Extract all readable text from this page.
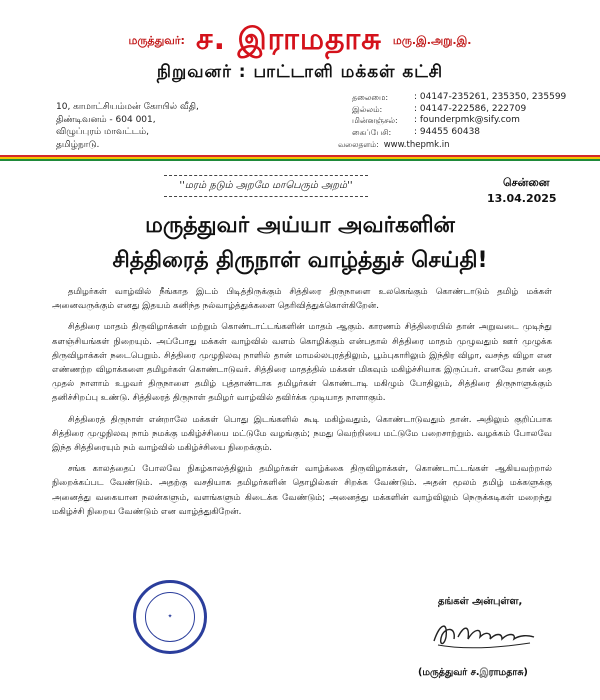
மருத்துவர்: ச. இராமதாசு மரு.இ.அறு.இ.
நிறுவனர் : பாட்டாளி மக்கள் கட்சி
10, காமாட்சியம்மன் கோயில் வீதி,
திண்டிவனம் - 604 001,
விழுப்புரம் மாவட்டம்,
தமிழ்நாடு.
தலைமை:	: 04147-235261, 235350, 235599
இல்லம்:	: 04147-222586, 222709
மின்னஞ்சல்:	: founderpmk@sify.com
கைப்பேசி:	: 94455 60438
வலைதளம்: www.thepmk.in
''மரம் நடும் அறமே மாபெரும் அறம்''	சென்னை
13.04.2025
மருத்துவர் அய்யா அவர்களின்
சித்திரைத் திருநாள் வாழ்த்துச் செய்தி!

தமிழர்கள் வாழ்வில் நீங்காத இடம் பிடித்திருக்கும் சித்திரை திருநாளை உலகெங்கும் கொண்டாடும் தமிழ் மக்கள் அனைவருக்கும் எனது இதயம் கனிந்த நல்வாழ்த்துக்களை தெரிவித்துக்கொள்கிறேன்.

சித்திரை மாதம் திருவிழாக்கள் மற்றும் கொண்டாட்டங்களின் மாதம் ஆகும். காரணம் சித்திரையில் தான் அறுவடை முடிந்து களஞ்சியங்கள் நிறையும். அப்போது மக்கள் வாழ்வில் வளம் கொழிக்கும் என்பதால் சித்திரை மாதம் முழுவதும் ஊர் முழுக்க திருவிழாக்கள் நடைபெறும். சித்திரை முழுநிலவு நாளில் தான் மாமல்லபுரத்திலும், பூம்புகாரிலும் இந்திர விழா, வசந்த விழா என எண்ணற்ற விழாக்களை தமிழர்கள் கொண்டாடுவர். சித்திரை மாதத்தில் மக்கள் மிகவும் மகிழ்ச்சியாக இருப்பர். எனவே தான் தை முதல் நாளாம் உழவர் திருநாளை தமிழ் புத்தாண்டாக தமிழர்கள் கொண்டாடி மகிழும் போதிலும், சித்திரை திருநாளுக்கும் தனிச்சிறப்பு உண்டு. சித்திரைத் திருநாள் தமிழர் வாழ்வில் தவிர்க்க முடியாத நாளாகும்.

சித்திரைத் திருநாள் என்றாலே மக்கள் பொது இடங்களில் கூடி மகிழ்வதும், கொண்டாடுவதும் தான். அதிலும் குறிப்பாக சித்திரை முழுநிலவு நாம் நமக்கு மகிழ்ச்சியை மட்டுமே வழங்கும்; நமது வெற்றியை மட்டுமே பறைசாற்றும். வழக்கம் போலவே இந்த சித்திரையும் நம் வாழ்வில் மகிழ்ச்சியை நிறைக்கும்.

சங்க காலத்தைப் போலவே நிகழ்காலத்திலும் தமிழர்கள் வாழ்க்கை திருவிழாக்கள், கொண்டாட்டங்கள் ஆகியவற்றால் நிறைக்கப்பட வேண்டும். அதற்கு வசதியாக தமிழர்களின் தொழில்கள் சிறக்க வேண்டும். அதன் மூலம் தமிழ் மக்களுக்கு அனைத்து வகையான நலன்களும், வளங்களும் கிடைக்க வேண்டும்; அனைத்து மக்களின் வாழ்விலும் நெருக்கடிகள் மறைந்து மகிழ்ச்சி நிறைய வேண்டும் என வாழ்த்துகிறேன்.

✦
தங்கள் அன்புள்ள,
(மருத்துவர் ச.இராமதாசு)
